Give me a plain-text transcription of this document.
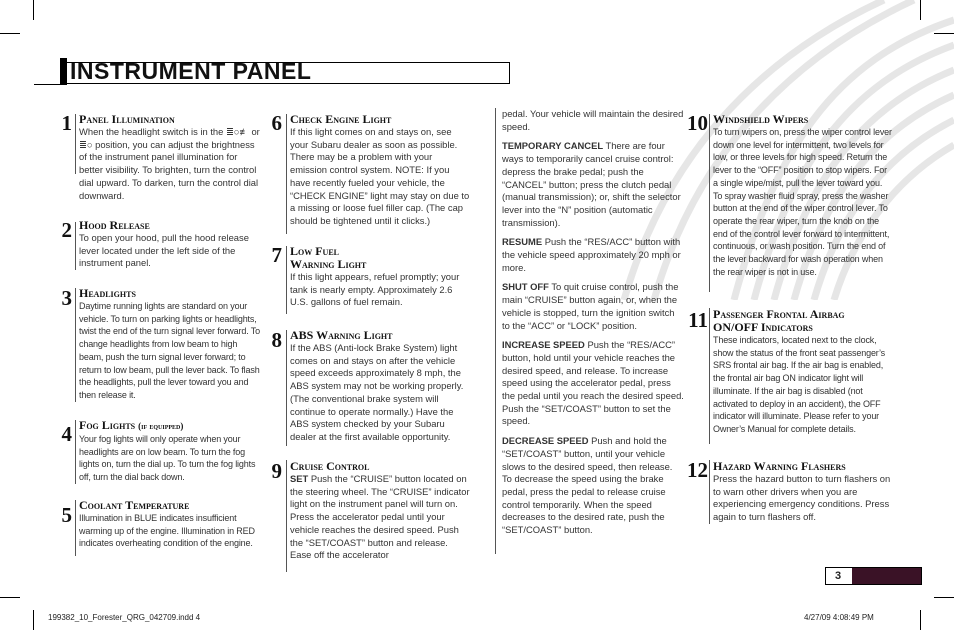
INSTRUMENT PANEL
1 Panel Illumination
When the headlight switch is in the ≣○≢ or ≣○ position, you can adjust the brightness of the instrument panel illumination for better visibility. To brighten, turn the control dial upward. To darken, turn the control dial downward.
2 Hood Release
To open your hood, pull the hood release lever located under the left side of the instrument panel.
3 Headlights
Daytime running lights are standard on your vehicle. To turn on parking lights or headlights, twist the end of the turn signal lever forward. To change headlights from low beam to high beam, push the turn signal lever forward; to return to low beam, pull the lever back. To flash the headlights, pull the lever toward you and then release it.
4 Fog Lights (if equipped)
Your fog lights will only operate when your headlights are on low beam. To turn the fog lights on, turn the dial up. To turn the fog lights off, turn the dial back down.
5 Coolant Temperature
Illumination in BLUE indicates insufficient warming up of the engine. Illumination in RED indicates overheating condition of the engine.
6 Check Engine Light
If this light comes on and stays on, see your Subaru dealer as soon as possible. There may be a problem with your emission control system. NOTE: If you have recently fueled your vehicle, the “CHECK ENGINE” light may stay on due to a missing or loose fuel filler cap. (The cap should be tightened until it clicks.)
7 Low Fuel
Warning Light
If this light appears, refuel promptly; your tank is nearly empty. Approximately 2.6 U.S. gallons of fuel remain.
8 ABS Warning Light
If the ABS (Anti-lock Brake System) light comes on and stays on after the vehicle speed exceeds approximately 8 mph, the ABS system may not be working properly. (The conventional brake system will continue to operate normally.) Have the ABS system checked by your Subaru dealer at the first available opportunity.
9 Cruise Control
SET Push the “CRUISE” button located on the steering wheel. The “CRUISE” indicator light on the instrument panel will turn on. Press the accelerator pedal until your vehicle reaches the desired speed. Push the “SET/COAST” button and release. Ease off the accelerator

pedal. Your vehicle will maintain the desired speed.

TEMPORARY CANCEL There are four ways to temporarily cancel cruise control: depress the brake pedal; push the “CANCEL” button; press the clutch pedal (manual transmission); or, shift the selector lever into the “N” position (automatic transmission).

RESUME Push the “RES/ACC” button with the vehicle speed approximately 20 mph or more.

SHUT OFF To quit cruise control, push the main “CRUISE” button again, or, when the vehicle is stopped, turn the ignition switch to the “ACC” or “LOCK” position.

INCREASE SPEED Push the “RES/ACC” button, hold until your vehicle reaches the desired speed, and release. To increase speed using the accelerator pedal, press the pedal until you reach the desired speed. Push the “SET/COAST” button to set the speed.

DECREASE SPEED Push and hold the “SET/COAST” button, until your vehicle slows to the desired speed, then release. To decrease the speed using the brake pedal, press the pedal to release cruise control temporarily. When the speed decreases to the desired rate, push the “SET/COAST” button.

10 Windshield Wipers
To turn wipers on, press the wiper control lever down one level for intermittent, two levels for low, or three levels for high speed. Return the lever to the “OFF” position to stop wipers. For a single wipe/mist, pull the lever toward you. To spray washer fluid spray, press the washer button at the end of the wiper control lever. To operate the rear wiper, turn the knob on the end of the control lever forward to intermittent, continuous, or wash position. Turn the end of the lever backward for wash operation when the rear wiper is not in use.
11 Passenger Frontal Airbag
ON/OFF Indicators
These indicators, located next to the clock, show the status of the front seat passenger’s SRS frontal air bag. If the air bag is enabled, the frontal air bag ON indicator light will illuminate. If the air bag is disabled (not activated to deploy in an accident), the OFF indicator will illuminate. Please refer to your Owner’s Manual for complete details.
12 Hazard Warning Flashers
Press the hazard button to turn flashers on to warn other drivers when you are experiencing emergency conditions. Press again to turn flashers off.
3
199382_10_Forester_QRG_042709.indd 4	4/27/09 4:08:49 PM
